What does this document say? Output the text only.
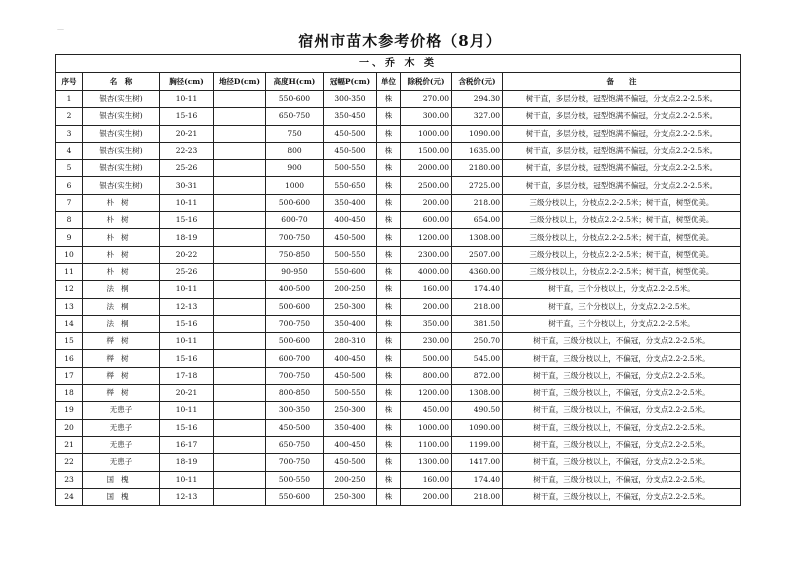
—
宿州市苗木参考价格（8月）
一、乔 木 类									
序号	名　称	胸径(cm)	地径D(cm)	高度H(cm)	冠幅P(cm)	单位	除税价(元)	含税价(元)	备　　注
1	银杏(实生树)	10-11		550-600	300-350	株	270.00	294.30	树干直，多层分枝，冠型饱满不偏冠，分支点2.2-2.5米。
2	银杏(实生树)	15-16		650-750	350-450	株	300.00	327.00	树干直，多层分枝，冠型饱满不偏冠，分支点2.2-2.5米。
3	银杏(实生树)	20-21		750	450-500	株	1000.00	1090.00	树干直，多层分枝，冠型饱满不偏冠，分支点2.2-2.5米。
4	银杏(实生树)	22-23		800	450-500	株	1500.00	1635.00	树干直，多层分枝，冠型饱满不偏冠，分支点2.2-2.5米。
5	银杏(实生树)	25-26		900	500-550	株	2000.00	2180.00	树干直，多层分枝，冠型饱满不偏冠，分支点2.2-2.5米。
6	银杏(实生树)	30-31		1000	550-650	株	2500.00	2725.00	树干直，多层分枝，冠型饱满不偏冠，分支点2.2-2.5米。
7	朴树	10-11		500-600	350-400	株	200.00	218.00	三级分枝以上，分枝点2.2-2.5米；树干直，树型优美。
8	朴树	15-16		600-70	400-450	株	600.00	654.00	三级分枝以上，分枝点2.2-2.5米；树干直，树型优美。
9	朴树	18-19		700-750	450-500	株	1200.00	1308.00	三级分枝以上，分枝点2.2-2.5米；树干直，树型优美。
10	朴树	20-22		750-850	500-550	株	2300.00	2507.00	三级分枝以上，分枝点2.2-2.5米；树干直，树型优美。
11	朴树	25-26		90-950	550-600	株	4000.00	4360.00	三级分枝以上，分枝点2.2-2.5米；树干直，树型优美。
12	法桐	10-11		400-500	200-250	株	160.00	174.40	树干直，三个分枝以上，分支点2.2-2.5米。
13	法桐	12-13		500-600	250-300	株	200.00	218.00	树干直，三个分枝以上，分支点2.2-2.5米。
14	法桐	15-16		700-750	350-400	株	350.00	381.50	树干直，三个分枝以上，分支点2.2-2.5米。
15	榉树	10-11		500-600	280-310	株	230.00	250.70	树干直，三级分枝以上，不偏冠，分支点2.2-2.5米。
16	榉树	15-16		600-700	400-450	株	500.00	545.00	树干直，三级分枝以上，不偏冠，分支点2.2-2.5米。
17	榉树	17-18		700-750	450-500	株	800.00	872.00	树干直，三级分枝以上，不偏冠，分支点2.2-2.5米。
18	榉树	20-21		800-850	500-550	株	1200.00	1308.00	树干直，三级分枝以上，不偏冠，分支点2.2-2.5米。
19	无患子	10-11		300-350	250-300	株	450.00	490.50	树干直，三级分枝以上，不偏冠，分支点2.2-2.5米。
20	无患子	15-16		450-500	350-400	株	1000.00	1090.00	树干直，三级分枝以上，不偏冠，分支点2.2-2.5米。
21	无患子	16-17		650-750	400-450	株	1100.00	1199.00	树干直，三级分枝以上，不偏冠，分支点2.2-2.5米。
22	无患子	18-19		700-750	450-500	株	1300.00	1417.00	树干直，三级分枝以上，不偏冠，分支点2.2-2.5米。
23	国槐	10-11		500-550	200-250	株	160.00	174.40	树干直，三级分枝以上，不偏冠，分支点2.2-2.5米。
24	国槐	12-13		550-600	250-300	株	200.00	218.00	树干直，三级分枝以上，不偏冠，分支点2.2-2.5米。
